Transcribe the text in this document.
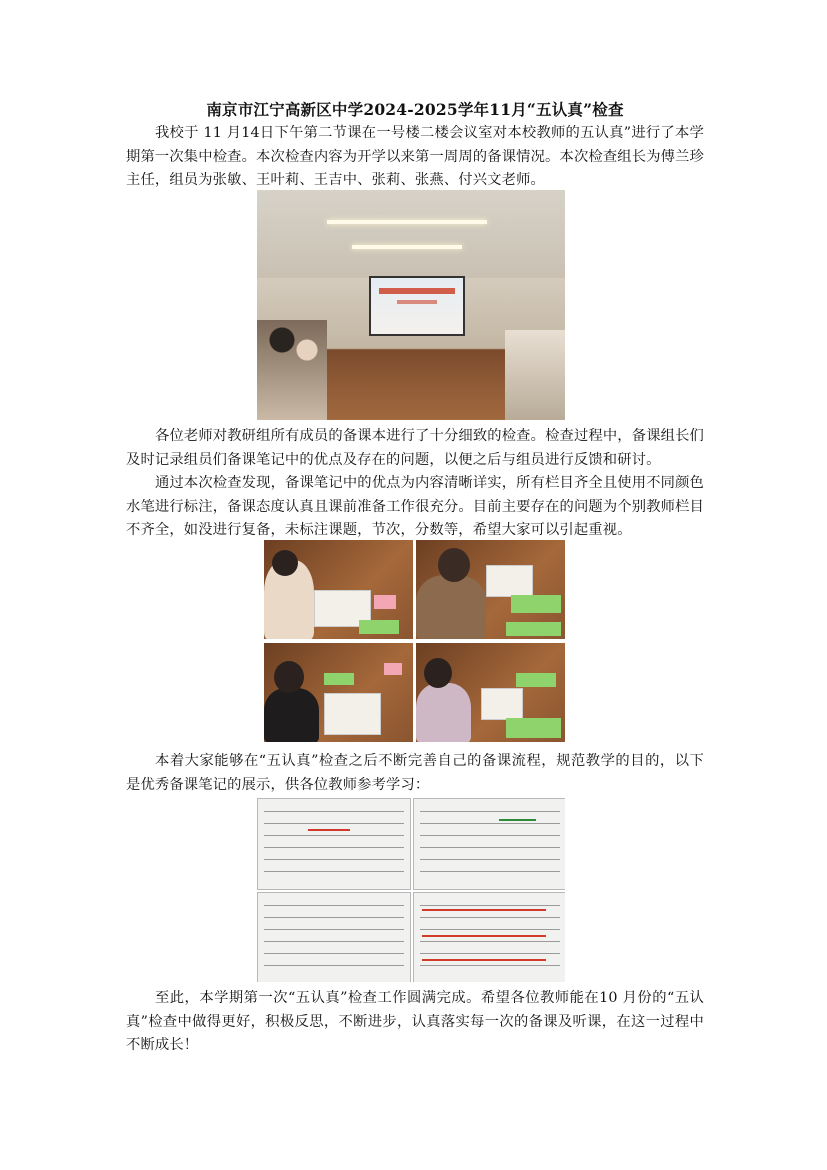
南京市江宁高新区中学2024-2025学年11月“五认真”检查

我校于 11 月14日下午第二节课在一号楼二楼会议室对本校教师的五认真”进行了本学期第一次集中检查。本次检查内容为开学以来第一周周的备课情况。本次检查组长为傅兰珍主任，组员为张敏、王叶莉、王吉中、张莉、张燕、付兴文老师。

各位老师对教研组所有成员的备课本进行了十分细致的检查。检查过程中，备课组长们及时记录组员们备课笔记中的优点及存在的问题，以便之后与组员进行反馈和研讨。

通过本次检查发现，备课笔记中的优点为内容清晰详实，所有栏目齐全且使用不同颜色水笔进行标注，备课态度认真且课前准备工作很充分。目前主要存在的问题为个别教师栏目不齐全，如没进行复备，未标注课题，节次，分数等，希望大家可以引起重视。

本着大家能够在“五认真”检查之后不断完善自己的备课流程，规范教学的目的，以下是优秀备课笔记的展示，供各位教师参考学习：

至此，本学期第一次“五认真”检查工作圆满完成。希望各位教师能在10 月份的“五认真”检查中做得更好，积极反思，不断进步，认真落实每一次的备课及听课，在这一过程中不断成长！
